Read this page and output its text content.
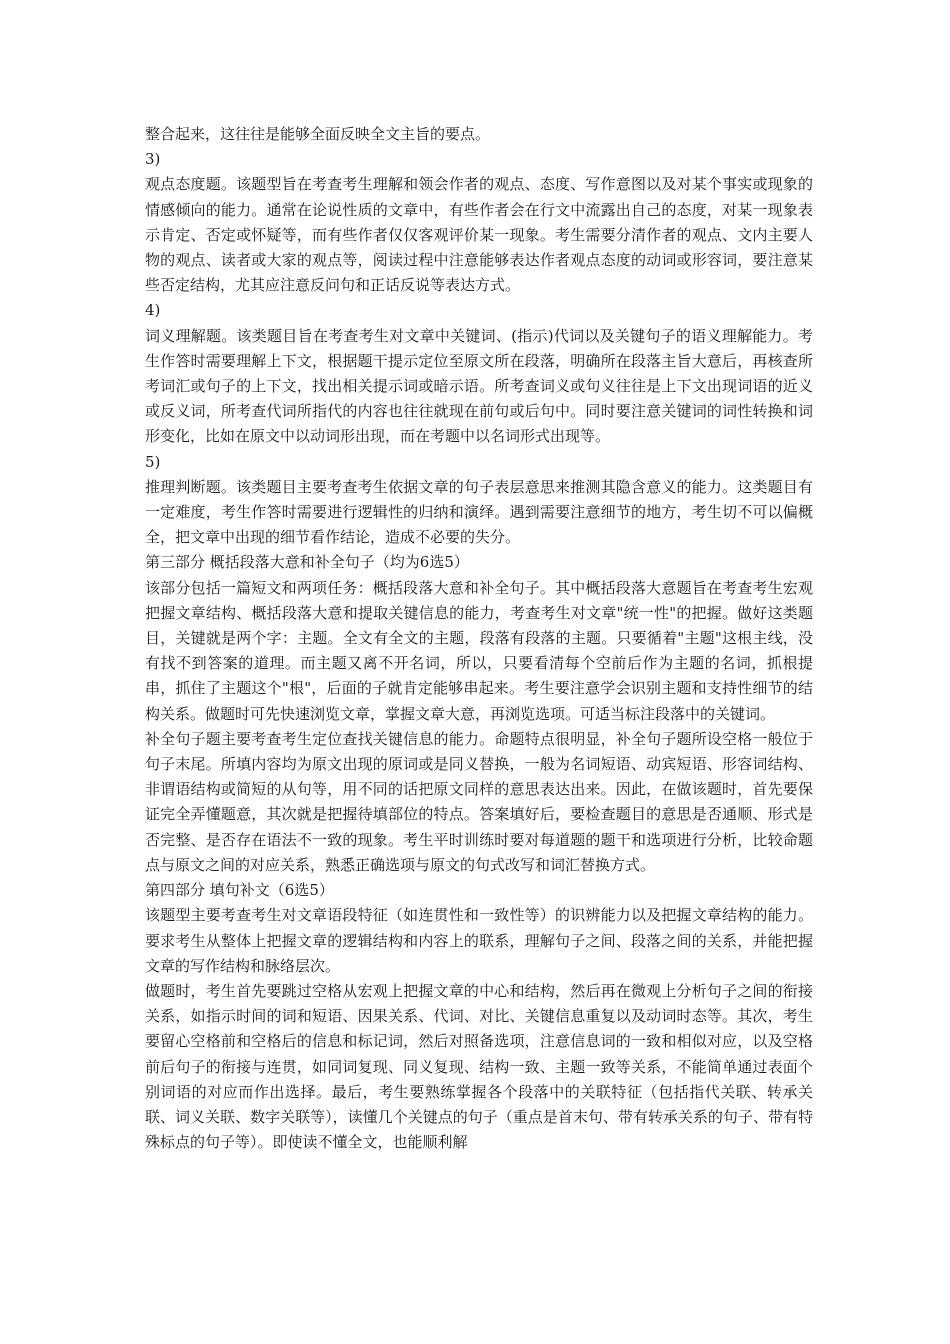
整合起来，这往往是能够全面反映全文主旨的要点。

3)

观点态度题。该题型旨在考查考生理解和领会作者的观点、态度、写作意图以及对某个事实或现象的情感倾向的能力。通常在论说性质的文章中，有些作者会在行文中流露出自己的态度，对某一现象表示肯定、否定或怀疑等，而有些作者仅仅客观评价某一现象。考生需要分清作者的观点、文内主要人物的观点、读者或大家的观点等，阅读过程中注意能够表达作者观点态度的动词或形容词，要注意某些否定结构，尤其应注意反问句和正话反说等表达方式。

4)

词义理解题。该类题目旨在考查考生对文章中关键词、(指示)代词以及关键句子的语义理解能力。考生作答时需要理解上下文，根据题干提示定位至原文所在段落，明确所在段落主旨大意后，再核查所考词汇或句子的上下文，找出相关提示词或暗示语。所考查词义或句义往往是上下文出现词语的近义或反义词，所考查代词所指代的内容也往往就现在前句或后句中。同时要注意关键词的词性转换和词形变化，比如在原文中以动词形出现，而在考题中以名词形式出现等。

5)

推理判断题。该类题目主要考查考生依据文章的句子表层意思来推测其隐含意义的能力。这类题目有一定难度，考生作答时需要进行逻辑性的归纳和演绎。遇到需要注意细节的地方，考生切不可以偏概全，把文章中出现的细节看作结论，造成不必要的失分。

第三部分 概括段落大意和补全句子（均为6选5）

该部分包括一篇短文和两项任务：概括段落大意和补全句子。其中概括段落大意题旨在考查考生宏观把握文章结构、概括段落大意和提取关键信息的能力，考查考生对文章"统一性"的把握。做好这类题目，关键就是两个字：主题。全文有全文的主题，段落有段落的主题。只要循着"主题"这根主线，没有找不到答案的道理。而主题又离不开名词，所以，只要看清每个空前后作为主题的名词，抓根提串，抓住了主题这个"根"，后面的子就肯定能够串起来。考生要注意学会识别主题和支持性细节的结构关系。做题时可先快速浏览文章，掌握文章大意，再浏览选项。可适当标注段落中的关键词。

补全句子题主要考查考生定位查找关键信息的能力。命题特点很明显，补全句子题所设空格一般位于句子末尾。所填内容均为原文出现的原词或是同义替换，一般为名词短语、动宾短语、形容词结构、非谓语结构或简短的从句等，用不同的话把原文同样的意思表达出来。因此，在做该题时，首先要保证完全弄懂题意，其次就是把握待填部位的特点。答案填好后，要检查题目的意思是否通顺、形式是否完整、是否存在语法不一致的现象。考生平时训练时要对每道题的题干和选项进行分析，比较命题点与原文之间的对应关系，熟悉正确选项与原文的句式改写和词汇替换方式。

第四部分 填句补文（6选5）

该题型主要考查考生对文章语段特征（如连贯性和一致性等）的识辨能力以及把握文章结构的能力。要求考生从整体上把握文章的逻辑结构和内容上的联系，理解句子之间、段落之间的关系，并能把握文章的写作结构和脉络层次。

做题时，考生首先要跳过空格从宏观上把握文章的中心和结构，然后再在微观上分析句子之间的衔接关系，如指示时间的词和短语、因果关系、代词、对比、关键信息重复以及动词时态等。其次，考生要留心空格前和空格后的信息和标记词，然后对照备选项，注意信息词的一致和相似对应，以及空格前后句子的衔接与连贯，如同词复现、同义复现、结构一致、主题一致等关系，不能简单通过表面个别词语的对应而作出选择。最后，考生要熟练掌握各个段落中的关联特征（包括指代关联、转承关联、词义关联、数字关联等），读懂几个关键点的句子（重点是首末句、带有转承关系的句子、带有特殊标点的句子等）。即使读不懂全文，也能顺利解
